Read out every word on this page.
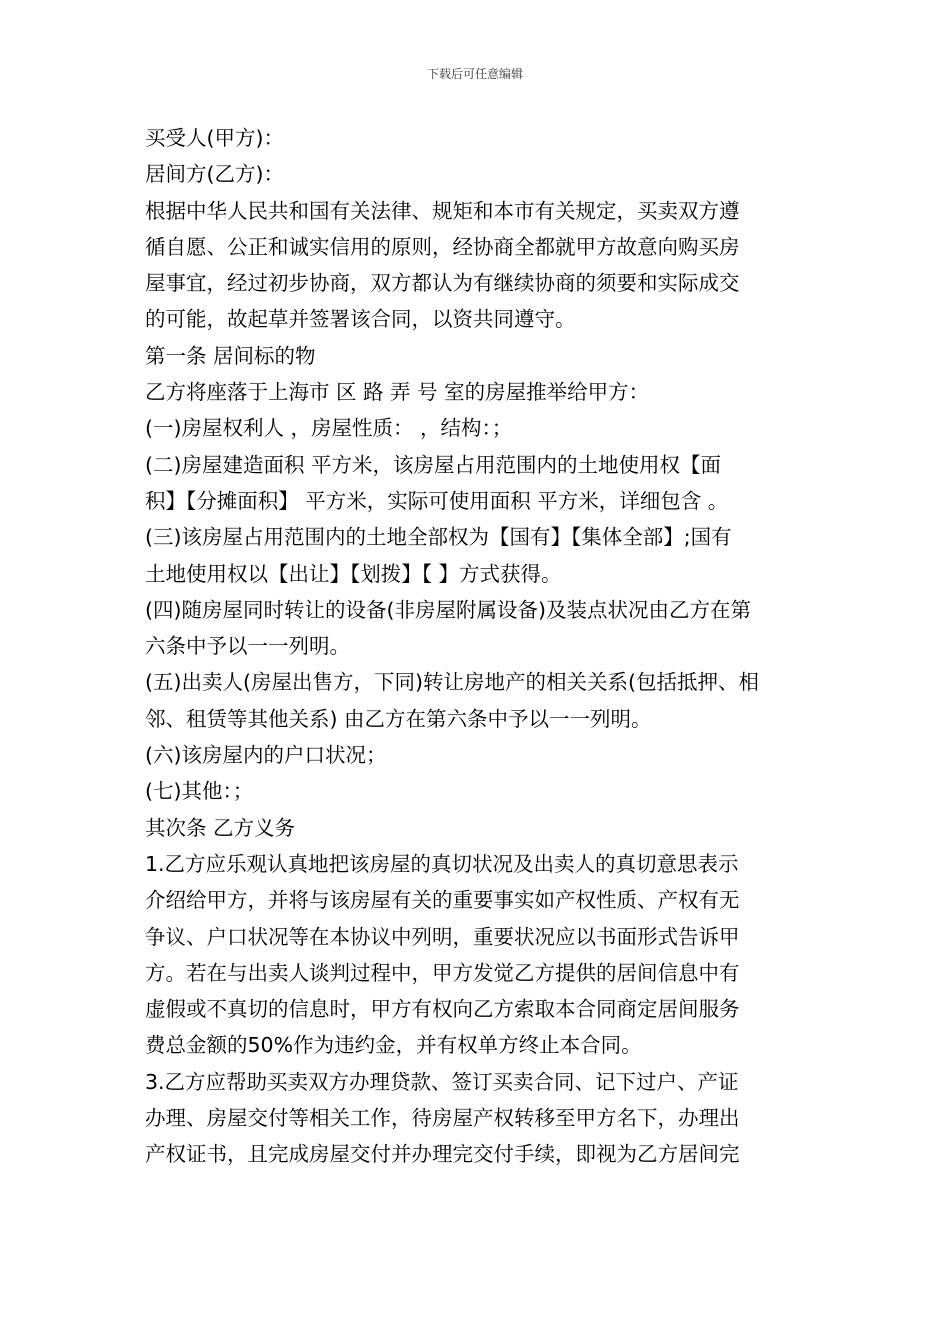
下载后可任意编辑
买受人(甲方)：
居间方(乙方)：
根据中华人民共和国有关法律、规矩和本市有关规定，买卖双方遵
循自愿、公正和诚实信用的原则，经协商全都就甲方故意向购买房
屋事宜，经过初步协商，双方都认为有继续协商的须要和实际成交
的可能，故起草并签署该合同，以资共同遵守。
第一条 居间标的物
乙方将座落于上海市 区 路 弄 号 室的房屋推举给甲方：
(一)房屋权利人 ，房屋性质： ，结构：；
(二)房屋建造面积 平方米，该房屋占用范围内的土地使用权【面
积】【分摊面积】 平方米，实际可使用面积 平方米，详细包含 。
(三)该房屋占用范围内的土地全部权为【国有】【集体全部】;国有
土地使用权以【出让】【划拨】【 】方式获得。
(四)随房屋同时转让的设备(非房屋附属设备)及装点状况由乙方在第
六条中予以一一列明。
(五)出卖人(房屋出售方，下同)转让房地产的相关关系(包括抵押、相
邻、租赁等其他关系) 由乙方在第六条中予以一一列明。
(六)该房屋内的户口状况；
(七)其他：；
其次条 乙方义务
1.乙方应乐观认真地把该房屋的真切状况及出卖人的真切意思表示
介绍给甲方，并将与该房屋有关的重要事实如产权性质、产权有无
争议、户口状况等在本协议中列明，重要状况应以书面形式告诉甲
方。若在与出卖人谈判过程中，甲方发觉乙方提供的居间信息中有
虚假或不真切的信息时，甲方有权向乙方索取本合同商定居间服务
费总金额的50%作为违约金，并有权单方终止本合同。
3.乙方应帮助买卖双方办理贷款、签订买卖合同、记下过户、产证
办理、房屋交付等相关工作，待房屋产权转移至甲方名下，办理出
产权证书，且完成房屋交付并办理完交付手续，即视为乙方居间完
